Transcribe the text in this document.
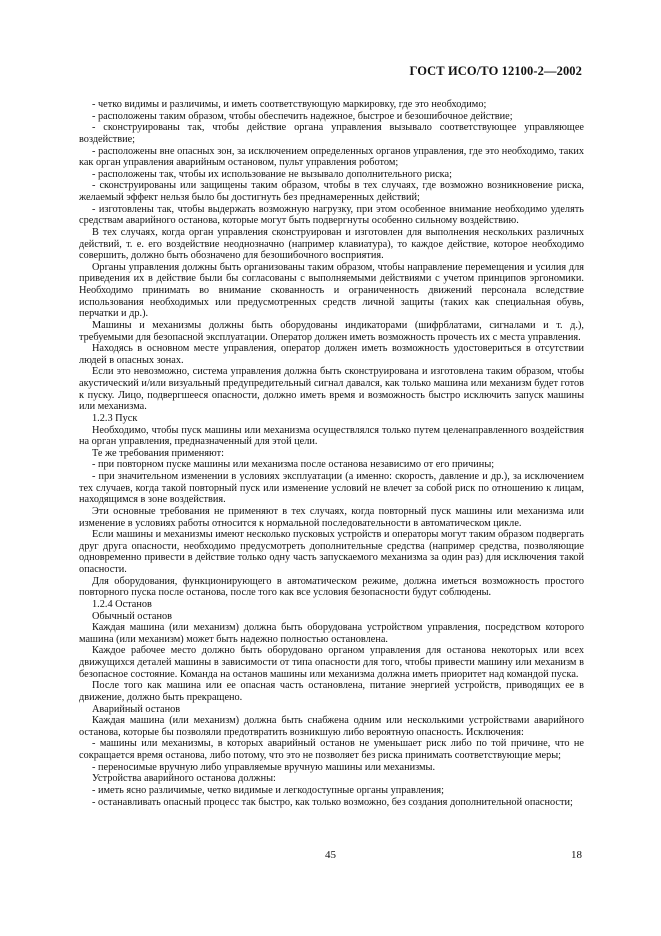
ГОСТ ИСО/ТО 12100-2—2002

- четко видимы и различимы, и иметь соответствующую маркировку, где это необходимо;

- расположены таким образом, чтобы обеспечить надежное, быстрое и безошибочное действие;

- сконструированы так, чтобы действие органа управления вызывало соответствующее управляющее воздействие;

- расположены вне опасных зон, за исключением определенных органов управления, где это необходимо, таких как орган управления аварийным остановом, пульт управления роботом;

- расположены так, чтобы их использование не вызывало дополнительного риска;

- сконструированы или защищены таким образом, чтобы в тех случаях, где возможно возникновение риска, желаемый эффект нельзя было бы достигнуть без преднамеренных действий;

- изготовлены так, чтобы выдержать возможную нагрузку, при этом особенное внимание необходимо уделять средствам аварийного останова, которые могут быть подвергнуты особенно сильному воздействию.

В тех случаях, когда орган управления сконструирован и изготовлен для выполнения нескольких различных действий, т. е. его воздействие неоднозначно (например клавиатура), то каждое действие, которое необходимо совершить, должно быть обозначено для безошибочного восприятия.

Органы управления должны быть организованы таким образом, чтобы направление перемещения и усилия для приведения их в действие были бы согласованы с выполняемыми действиями с учетом принципов эргономики. Необходимо принимать во внимание скованность и ограниченность движений персонала вследствие использования необходимых или предусмотренных средств личной защиты (таких как специальная обувь, перчатки и др.).

Машины и механизмы должны быть оборудованы индикаторами (шифрблатами, сигналами и т. д.), требуемыми для безопасной эксплуатации. Оператор должен иметь возможность прочесть их с места управления.

Находясь в основном месте управления, оператор должен иметь возможность удостовериться в отсутствии людей в опасных зонах.

Если это невозможно, система управления должна быть сконструирована и изготовлена таким образом, чтобы акустический и/или визуальный предупредительный сигнал давался, как только машина или механизм будет готов к пуску. Лицо, подвергшееся опасности, должно иметь время и возможность быстро исключить запуск машины или механизма.

1.2.3 Пуск

Необходимо, чтобы пуск машины или механизма осуществлялся только путем целенаправленного воздействия на орган управления, предназначенный для этой цели.

Те же требования применяют:

- при повторном пуске машины или механизма после останова независимо от его причины;

- при значительном изменении в условиях эксплуатации (а именно: скорость, давление и др.), за исключением тех случаев, когда такой повторный пуск или изменение условий не влечет за собой риск по отношению к лицам, находящимся в зоне воздействия.

Эти основные требования не применяют в тех случаях, когда повторный пуск машины или механизма или изменение в условиях работы относится к нормальной последовательности в автоматическом цикле.

Если машины и механизмы имеют несколько пусковых устройств и операторы могут таким образом подвергать друг друга опасности, необходимо предусмотреть дополнительные средства (например средства, позволяющие одновременно привести в действие только одну часть запускаемого механизма за один раз) для исключения такой опасности.

Для оборудования, функционирующего в автоматическом режиме, должна иметься возможность простого повторного пуска после останова, после того как все условия безопасности будут соблюдены.

1.2.4 Останов

Обычный останов

Каждая машина (или механизм) должна быть оборудована устройством управления, посредством которого машина (или механизм) может быть надежно полностью остановлена.

Каждое рабочее место должно быть оборудовано органом управления для останова некоторых или всех движущихся деталей машины в зависимости от типа опасности для того, чтобы привести машину или механизм в безопасное состояние. Команда на останов машины или механизма должна иметь приоритет над командой пуска.

После того как машина или ее опасная часть остановлена, питание энергией устройств, приводящих ее в движение, должно быть прекращено.

Аварийный останов

Каждая машина (или механизм) должна быть снабжена одним или несколькими устройствами аварийного останова, которые бы позволяли предотвратить возникшую либо вероятную опасность. Исключения:

- машины или механизмы, в которых аварийный останов не уменьшает риск либо по той причине, что не сокращается время останова, либо потому, что это не позволяет без риска принимать соответствующие меры;

- переносимые вручную либо управляемые вручную машины или механизмы.

Устройства аварийного останова должны:

- иметь ясно различимые, четко видимые и легкодоступные органы управления;

- останавливать опасный процесс так быстро, как только возможно, без создания дополнительной опасности;

45	18
